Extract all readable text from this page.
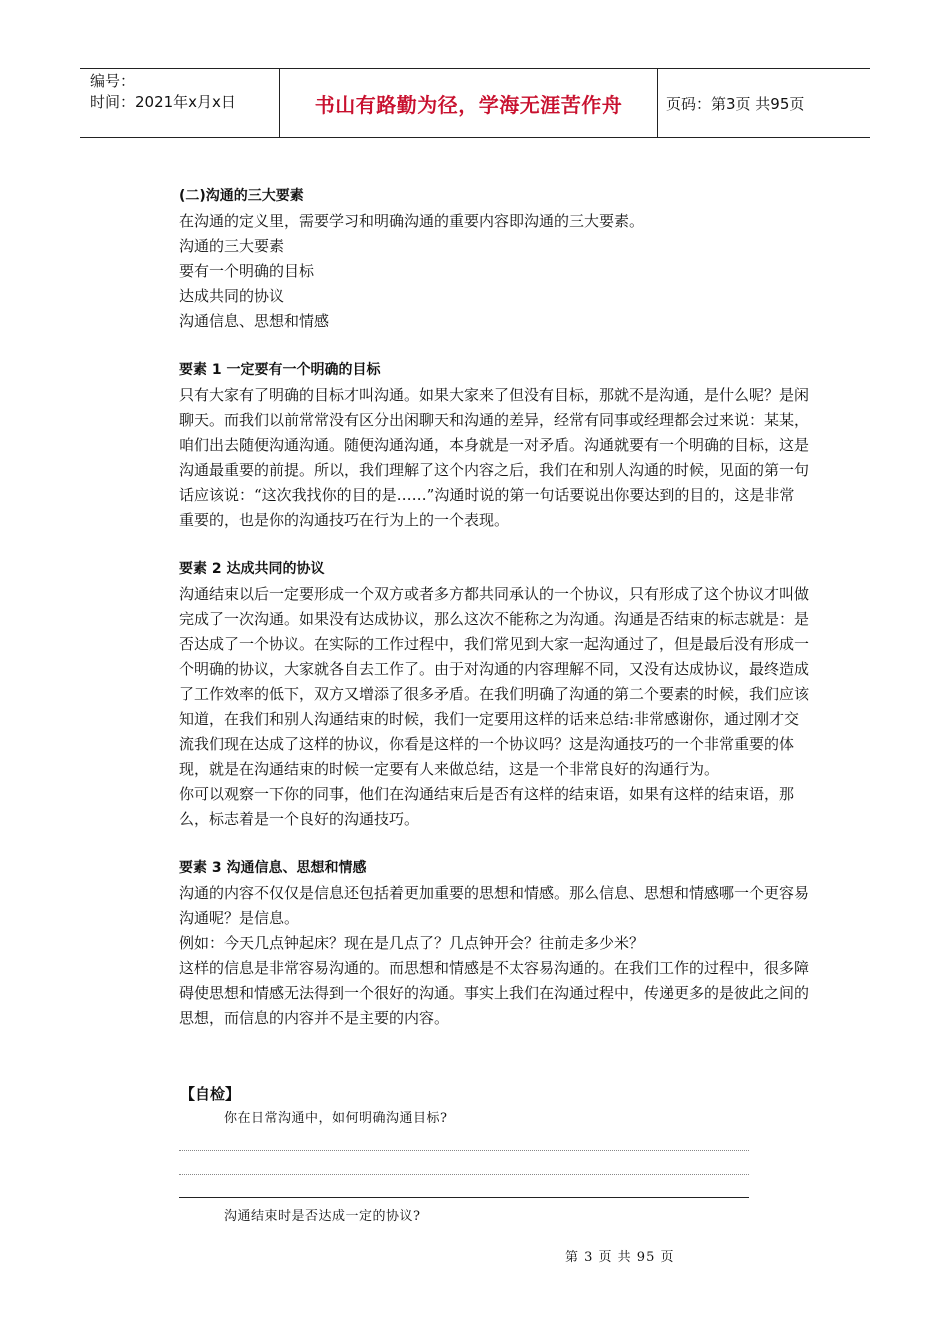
编号：
时间：2021年x月x日	书山有路勤为径，学海无涯苦作舟	页码：第3页 共95页

(二)沟通的三大要素

在沟通的定义里，需要学习和明确沟通的重要内容即沟通的三大要素。

沟通的三大要素

要有一个明确的目标

达成共同的协议

沟通信息、思想和情感

要素 1 一定要有一个明确的目标

只有大家有了明确的目标才叫沟通。如果大家来了但没有目标，那就不是沟通，是什么呢？是闲聊天。而我们以前常常没有区分出闲聊天和沟通的差异，经常有同事或经理都会过来说：某某，咱们出去随便沟通沟通。随便沟通沟通，本身就是一对矛盾。沟通就要有一个明确的目标，这是沟通最重要的前提。所以，我们理解了这个内容之后，我们在和别人沟通的时候，见面的第一句话应该说：“这次我找你的目的是……”沟通时说的第一句话要说出你要达到的目的，这是非常重要的，也是你的沟通技巧在行为上的一个表现。

要素 2 达成共同的协议

沟通结束以后一定要形成一个双方或者多方都共同承认的一个协议，只有形成了这个协议才叫做完成了一次沟通。如果没有达成协议，那么这次不能称之为沟通。沟通是否结束的标志就是：是否达成了一个协议。在实际的工作过程中，我们常见到大家一起沟通过了，但是最后没有形成一个明确的协议，大家就各自去工作了。由于对沟通的内容理解不同，又没有达成协议，最终造成了工作效率的低下，双方又增添了很多矛盾。在我们明确了沟通的第二个要素的时候，我们应该知道，在我们和别人沟通结束的时候，我们一定要用这样的话来总结:非常感谢你，通过刚才交流我们现在达成了这样的协议，你看是这样的一个协议吗？这是沟通技巧的一个非常重要的体现，就是在沟通结束的时候一定要有人来做总结，这是一个非常良好的沟通行为。

你可以观察一下你的同事，他们在沟通结束后是否有这样的结束语，如果有这样的结束语，那么，标志着是一个良好的沟通技巧。

要素 3 沟通信息、思想和情感

沟通的内容不仅仅是信息还包括着更加重要的思想和情感。那么信息、思想和情感哪一个更容易沟通呢？是信息。

例如：今天几点钟起床？现在是几点了？几点钟开会？往前走多少米？

这样的信息是非常容易沟通的。而思想和情感是不太容易沟通的。在我们工作的过程中，很多障碍使思想和情感无法得到一个很好的沟通。事实上我们在沟通过程中，传递更多的是彼此之间的思想，而信息的内容并不是主要的内容。

【自检】
你在日常沟通中，如何明确沟通目标?
沟通结束时是否达成一定的协议?
第 3 页 共 95 页
